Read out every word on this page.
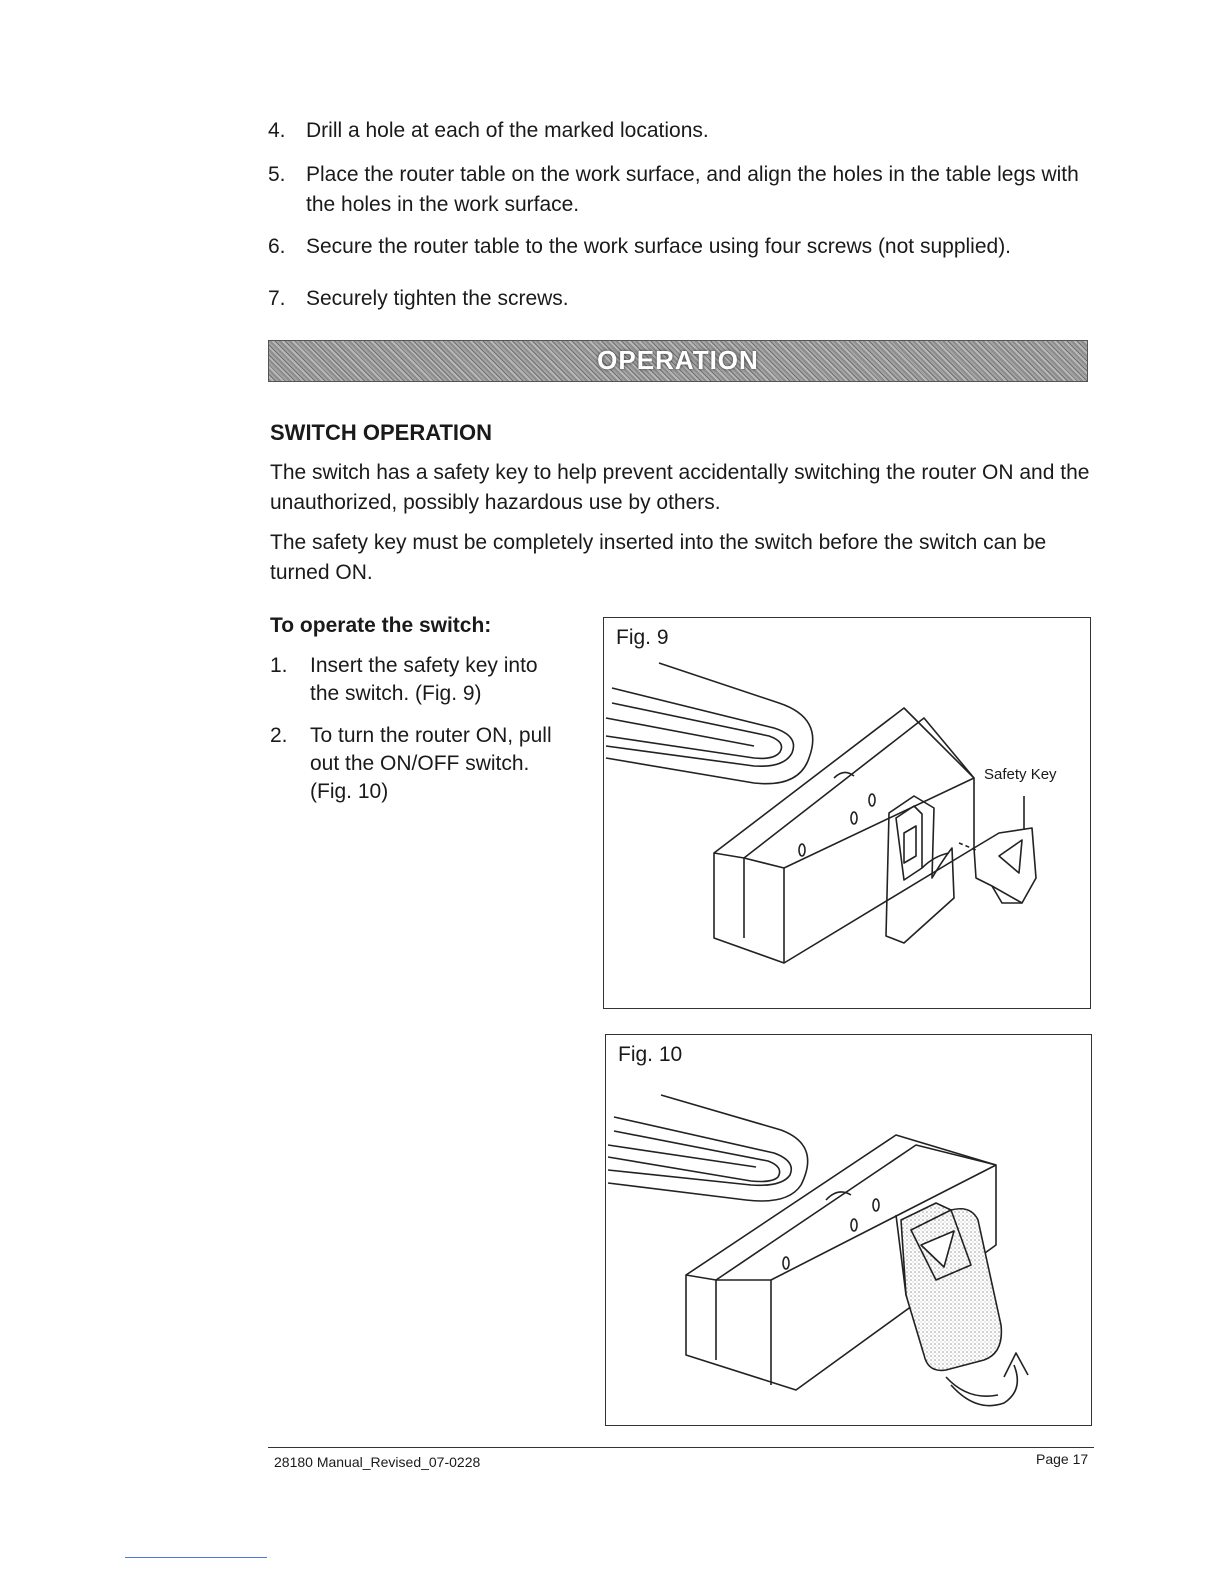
4. Drill a hole at each of the marked locations.
5. Place the router table on the work surface, and align the holes in the table legs with the holes in the work surface.
6. Secure the router table to the work surface using four screws (not supplied).
7. Securely tighten the screws.
OPERATION
SWITCH OPERATION

The switch has a safety key to help prevent accidentally switching the router ON and the unauthorized, possibly hazardous use by others.

The safety key must be completely inserted into the switch before the switch can be turned ON.

To operate the switch:
1. Insert the safety key into the switch. (Fig. 9)
2. To turn the router ON, pull out the ON/OFF switch. (Fig. 10)
Fig. 9
Safety Key
Fig. 10
28180 Manual_Revised_07-0228	Page 17
